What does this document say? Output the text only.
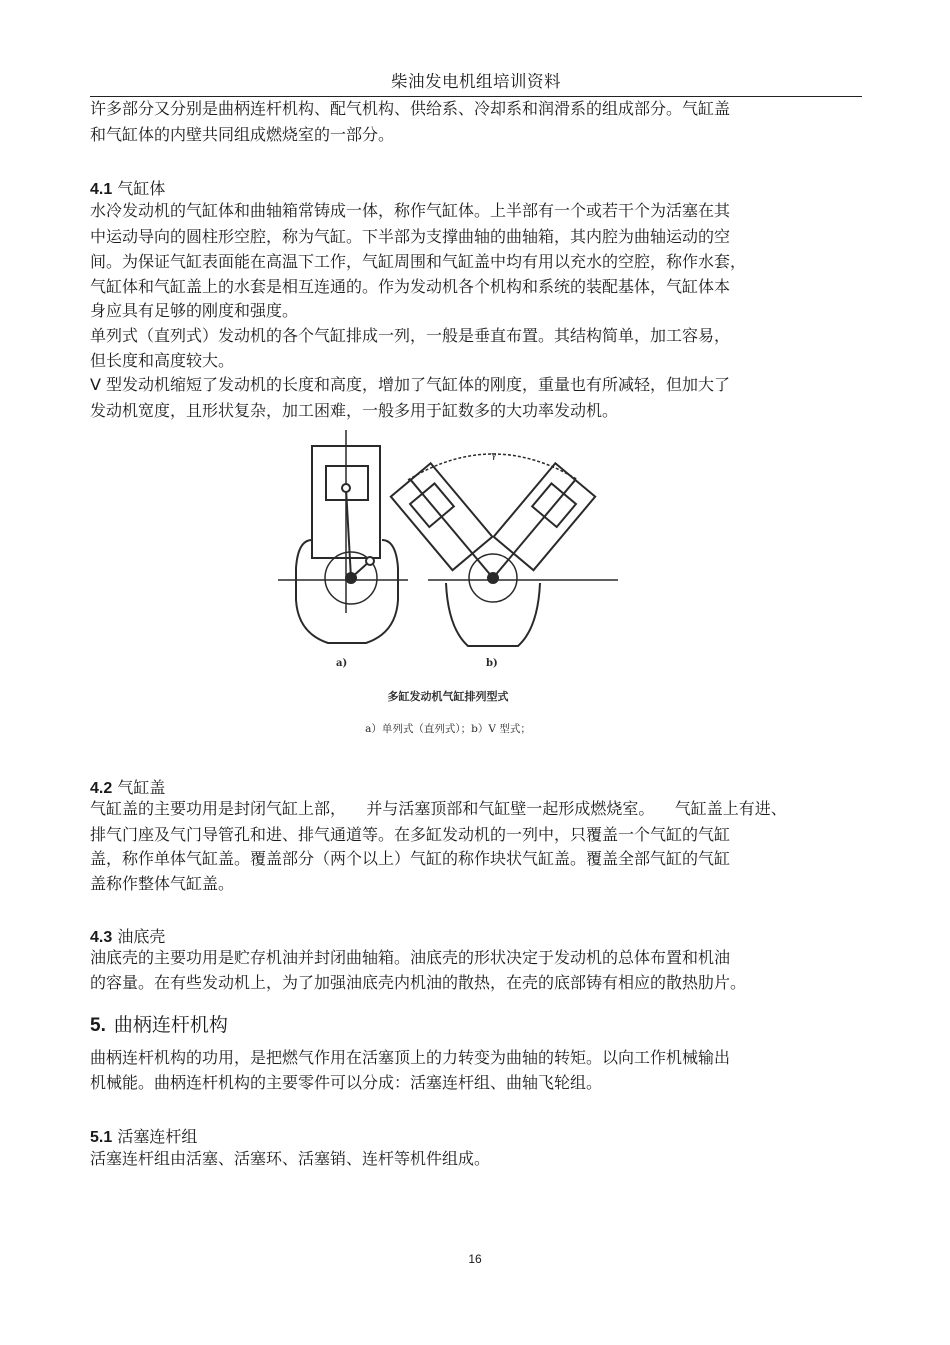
柴油发电机组培训资料
许多部分又分别是曲柄连杆机构、配气机构、供给系、冷却系和润滑系的组成部分。气缸盖
和气缸体的内壁共同组成燃烧室的一部分。
4.1 气缸体
水冷发动机的气缸体和曲轴箱常铸成一体，称作气缸体。上半部有一个或若干个为活塞在其
中运动导向的圆柱形空腔，称为气缸。下半部为支撑曲轴的曲轴箱，其内腔为曲轴运动的空
间。为保证气缸表面能在高温下工作，气缸周围和气缸盖中均有用以充水的空腔，称作水套，
气缸体和气缸盖上的水套是相互连通的。作为发动机各个机构和系统的装配基体，气缸体本
身应具有足够的刚度和强度。
单列式（直列式）发动机的各个气缸排成一列，一般是垂直布置。其结构简单，加工容易，
但长度和高度较大。
V 型发动机缩短了发动机的长度和高度，增加了气缸体的刚度，重量也有所减轻，但加大了
发动机宽度，且形状复杂，加工困难，一般多用于缸数多的大功率发动机。
a)	b)
γ
多缸发动机气缸排列型式
a）单列式（直列式）；b）V 型式；
4.2 气缸盖
气缸盖的主要功用是封闭气缸上部，    并与活塞顶部和气缸壁一起形成燃烧室。    气缸盖上有进、
排气门座及气门导管孔和进、排气通道等。在多缸发动机的一列中，只覆盖一个气缸的气缸
盖，称作单体气缸盖。覆盖部分（两个以上）气缸的称作块状气缸盖。覆盖全部气缸的气缸
盖称作整体气缸盖。
4.3 油底壳
油底壳的主要功用是贮存机油并封闭曲轴箱。油底壳的形状决定于发动机的总体布置和机油
的容量。在有些发动机上，为了加强油底壳内机油的散热，在壳的底部铸有相应的散热肋片。
5. 曲柄连杆机构
曲柄连杆机构的功用，是把燃气作用在活塞顶上的力转变为曲轴的转矩。以向工作机械输出
机械能。曲柄连杆机构的主要零件可以分成：活塞连杆组、曲轴飞轮组。
5.1 活塞连杆组
活塞连杆组由活塞、活塞环、活塞销、连杆等机件组成。
16
